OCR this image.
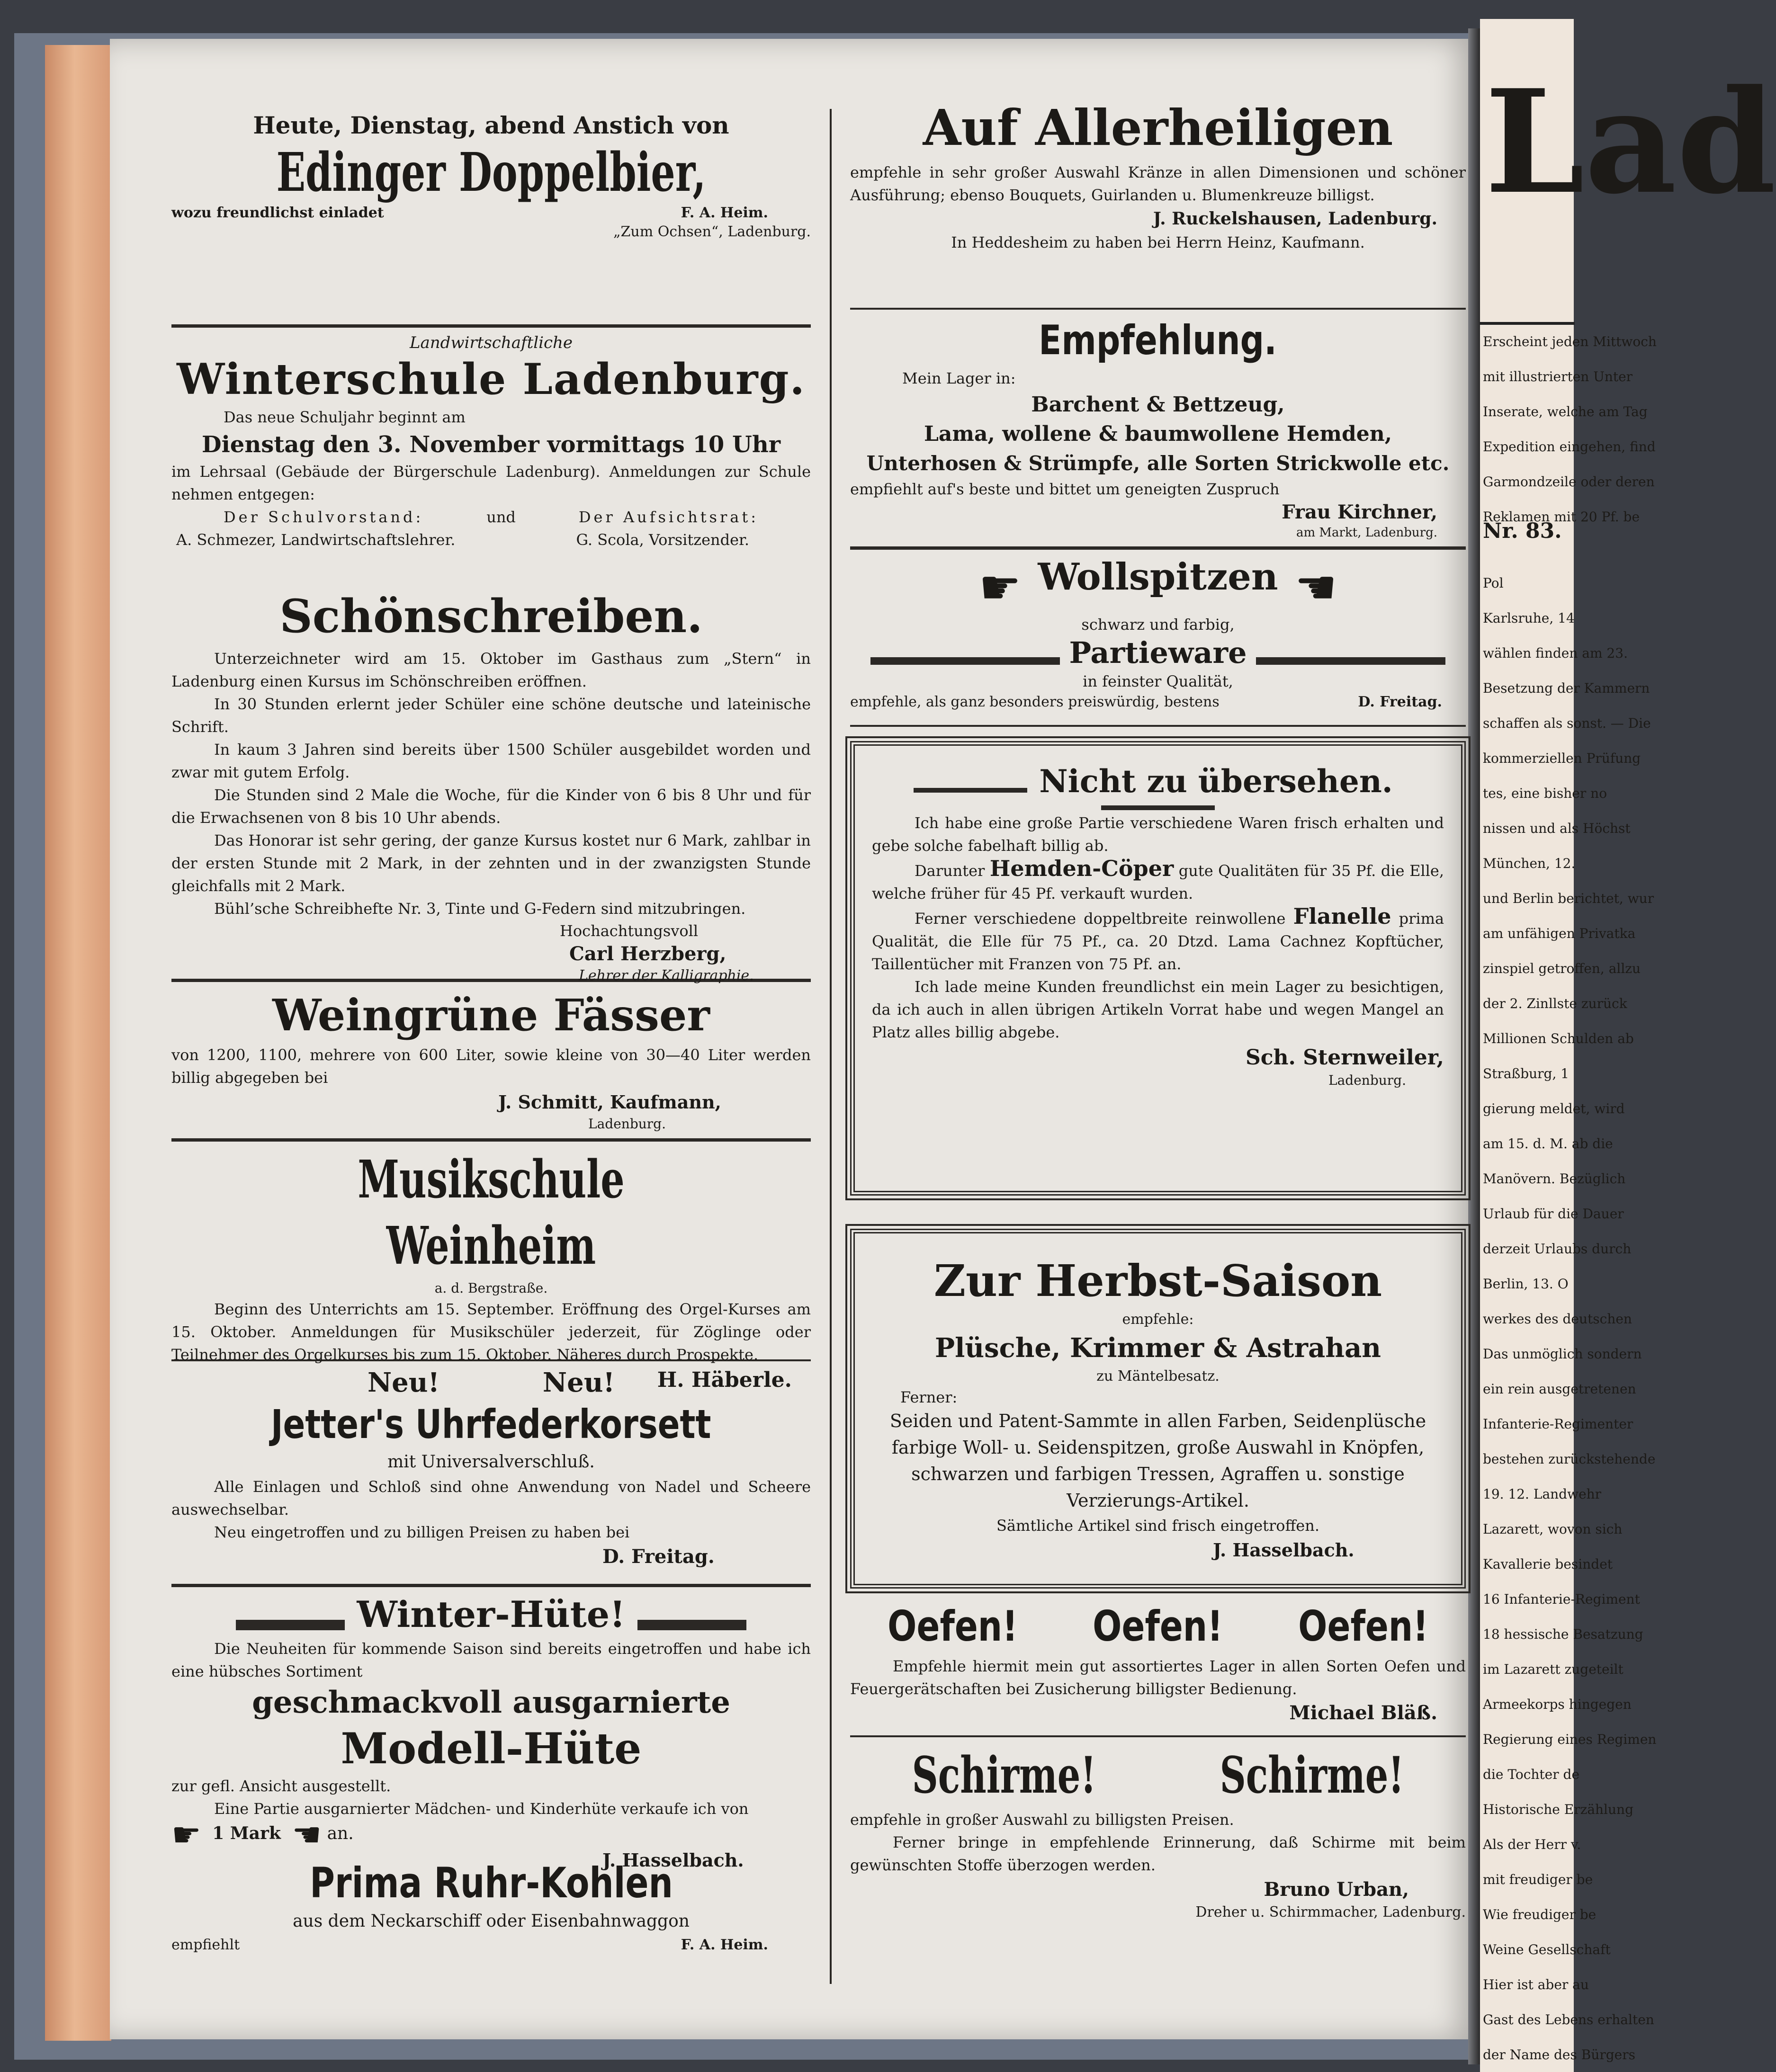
Lad
Erscheint jeden Mittwoch
mit illustrierten Unter
Inserate, welche am Tag
Expedition eingehen, find
Garmondzeile oder deren
Reklamen mit 20 Pf. be
Nr. 83.
Pol
Karlsruhe, 14
wählen finden am 23.
Besetzung der Kammern
schaffen als sonst. — Die
kommerziellen Prüfung
tes, eine bisher no
nissen und als Höchst
München, 12.
und Berlin berichtet, wur
am unfähigen Privatka
zinspiel getroffen, allzu
der 2. Zinllste zurück
Millionen Schulden ab
Straßburg, 1
gierung meldet, wird
am 15. d. M. ab die
Manövern. Bezüglich
Urlaub für die Dauer
derzeit Urlaubs durch
Berlin, 13. O
werkes des deutschen
Das unmöglich sondern
ein rein ausgetretenen
Infanterie-Regimenter
bestehen zurückstehende
19. 12. Landwehr
Lazarett, wovon sich
Kavallerie besindet
16 Infanterie-Regiment
18 hessische Besatzung
im Lazarett zugeteilt
Armeekorps hingegen
Regierung eines Regimen
die Tochter de
Historische Erzählung
Als der Herr v.
mit freudiger be
Wie freudiger be
Weine Gesellschaft
Hier ist aber au
Gast des Lebens erhalten
der Name des Bürgers
Heute, Dienstag, abend Anstich von
Edinger Doppelbier,
wozu freundlichst einladet	F. A. Heim.
„Zum Ochsen“, Ladenburg.
Landwirtschaftliche
Winterschule Ladenburg.
Das neue Schuljahr beginnt am
Dienstag den 3. November vormittags 10 Uhr
im Lehrsaal (Gebäude der Bürgerschule Ladenburg). Anmeldungen zur Schule nehmen entgegen:
Der Schulvorstand:	und	Der Aufsichtsrat:
A. Schmezer, Landwirtschaftslehrer.	G. Scola, Vorsitzender.
Schönschreiben.
Unterzeichneter wird am 15. Oktober im Gasthaus zum „Stern“ in Ladenburg einen Kursus im Schönschreiben eröffnen.
In 30 Stunden erlernt jeder Schüler eine schöne deutsche und lateinische Schrift.
In kaum 3 Jahren sind bereits über 1500 Schüler ausgebildet worden und zwar mit gutem Erfolg.
Die Stunden sind 2 Male die Woche, für die Kinder von 6 bis 8 Uhr und für die Erwachsenen von 8 bis 10 Uhr abends.
Das Honorar ist sehr gering, der ganze Kursus kostet nur 6 Mark, zahlbar in der ersten Stunde mit 2 Mark, in der zehnten und in der zwanzigsten Stunde gleichfalls mit 2 Mark.
Bühl’sche Schreibhefte Nr. 3, Tinte und G-Federn sind mitzubringen.
Hochachtungsvoll
Carl Herzberg,
Lehrer der Kalligraphie.
Weingrüne Fässer
von 1200, 1100, mehrere von 600 Liter, sowie kleine von 30—40 Liter werden billig abgegeben bei
J. Schmitt, Kaufmann,
Ladenburg.
Musikschule Weinheim
a. d. Bergstraße.
Beginn des Unterrichts am 15. September. Eröffnung des Orgel-Kurses am 15. Oktober. Anmeldungen für Musikschüler jederzeit, für Zöglinge oder Teilnehmer des Orgelkurses bis zum 15. Oktober. Näheres durch Prospekte.
H. Häberle.
Neu!	Neu!
Jetter's Uhrfederkorsett
mit Universalverschluß.
Alle Einlagen und Schloß sind ohne Anwendung von Nadel und Scheere auswechselbar.
Neu eingetroffen und zu billigen Preisen zu haben bei
D. Freitag.
Winter-Hüte!
Die Neuheiten für kommende Saison sind bereits eingetroffen und habe ich eine hübsches Sortiment
geschmackvoll ausgarnierte
Modell-Hüte
zur gefl. Ansicht ausgestellt.
Eine Partie ausgarnierter Mädchen- und Kinderhüte verkaufe ich von
☛ 1 Mark ☚ an.
J. Hasselbach.
Prima Ruhr-Kohlen
aus dem Neckarschiff oder Eisenbahnwaggon
empfiehlt	F. A. Heim.
Auf Allerheiligen
empfehle in sehr großer Auswahl Kränze in allen Dimensionen und schöner Ausführung; ebenso Bouquets, Guirlanden u. Blumenkreuze billigst.
J. Ruckelshausen, Ladenburg.
In Heddesheim zu haben bei Herrn Heinz, Kaufmann.
Empfehlung.
Mein Lager in:
Barchent & Bettzeug,
Lama, wollene & baumwollene Hemden,
Unterhosen & Strümpfe, alle Sorten Strickwolle etc.
empfiehlt auf's beste und bittet um geneigten Zuspruch
Frau Kirchner,
am Markt, Ladenburg.
☛ Wollspitzen ☚
schwarz und farbig,
Partieware
in feinster Qualität,
empfehle, als ganz besonders preiswürdig, bestens	D. Freitag.
Nicht zu übersehen.
Ich habe eine große Partie verschiedene Waren frisch erhalten und gebe solche fabelhaft billig ab.
Darunter Hemden-Cöper gute Qualitäten für 35 Pf. die Elle, welche früher für 45 Pf. verkauft wurden.
Ferner verschiedene doppeltbreite reinwollene Flanelle prima Qualität, die Elle für 75 Pf., ca. 20 Dtzd. Lama Cachnez Kopftücher, Taillentücher mit Franzen von 75 Pf. an.
Ich lade meine Kunden freundlichst ein mein Lager zu besichtigen, da ich auch in allen übrigen Artikeln Vorrat habe und wegen Mangel an Platz alles billig abgebe.
Sch. Sternweiler,
Ladenburg.
Zur Herbst-Saison
empfehle:
Plüsche, Krimmer & Astrahan
zu Mäntelbesatz.
Ferner:
Seiden und Patent-Sammte in allen Farben, Seidenplüsche farbige Woll- u. Seidenspitzen, große Auswahl in Knöpfen, schwarzen und farbigen Tressen, Agraffen u. sonstige Verzierungs-Artikel.
Sämtliche Artikel sind frisch eingetroffen.
J. Hasselbach.
Oefen! Oefen! Oefen!
Empfehle hiermit mein gut assortiertes Lager in allen Sorten Oefen und Feuergerätschaften bei Zusicherung billigster Bedienung.
Michael Bläß.
Schirme! Schirme!
empfehle in großer Auswahl zu billigsten Preisen.
Ferner bringe in empfehlende Erinnerung, daß Schirme mit beim gewünschten Stoffe überzogen werden.
Bruno Urban,
Dreher u. Schirmmacher, Ladenburg.
